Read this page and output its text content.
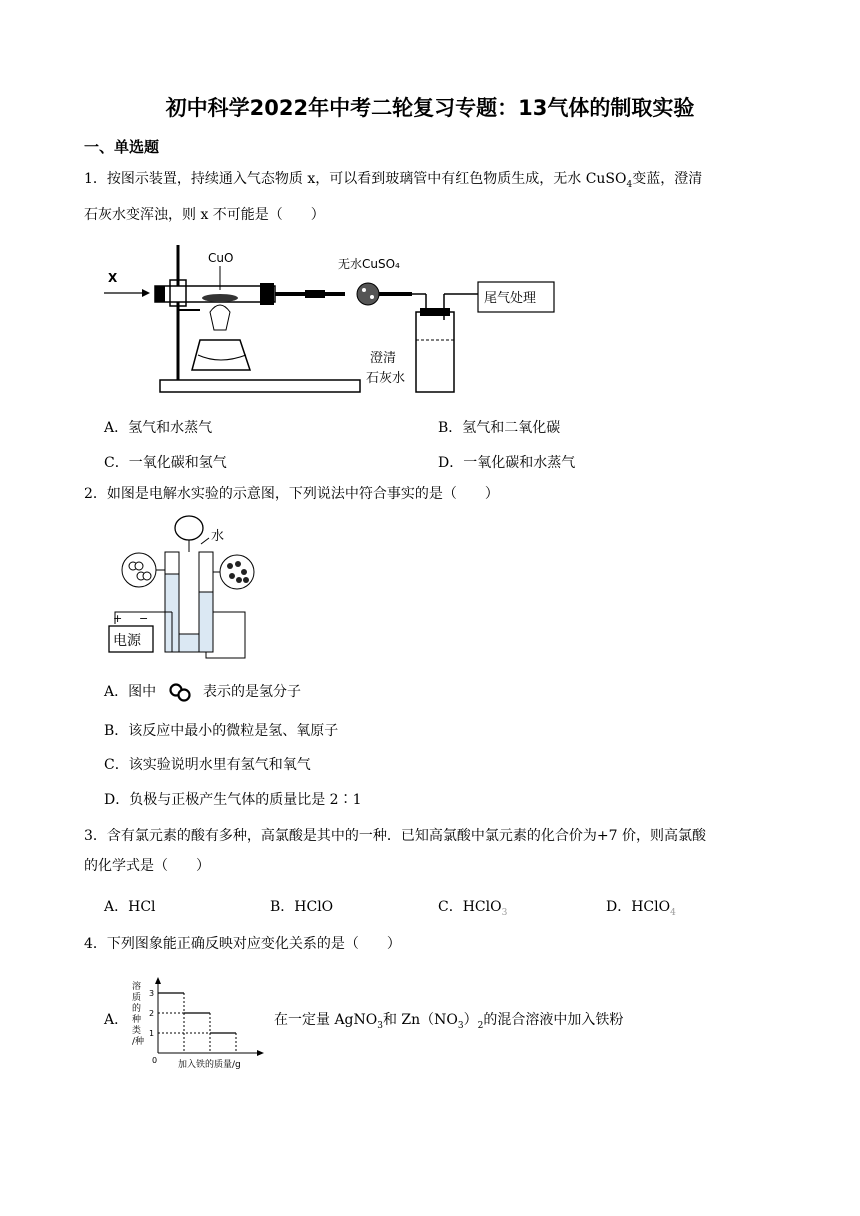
初中科学2022年中考二轮复习专题：13气体的制取实验
一、单选题
1．按图示装置，持续通入气态物质 x，可以看到玻璃管中有红色物质生成，无水 CuSO$_4$变蓝，澄清
石灰水变浑浊，则 x 不可能是（　　）
X
CuO	无水CuSO₄
澄清
石灰水
尾气处理
A．氢气和水蒸气	B．氢气和二氧化碳
C．一氧化碳和氢气	D．一氧化碳和水蒸气
2．如图是电解水实验的示意图，下列说法中符合事实的是（　　）
水
+ −
电源
A．图中	表示的是氢分子
B．该反应中最小的微粒是氢、氧原子
C．该实验说明水里有氢气和氧气
D．负极与正极产生气体的质量比是 2∶1
3．含有氯元素的酸有多种，高氯酸是其中的一种．已知高氯酸中氯元素的化合价为+7 价，则高氯酸
的化学式是（　　）
A．HCl	B．HClO	C．HClO$_3$	D．HClO$_4$
4．下列图象能正确反映对应变化关系的是（　　）
A．
溶
质
的
种
类
/种
0
3
2
1
加入铁的质量/g
在一定量 AgNO$_3$和 $Zn(NO_3)_2$的混合溶液中加入铁粉
